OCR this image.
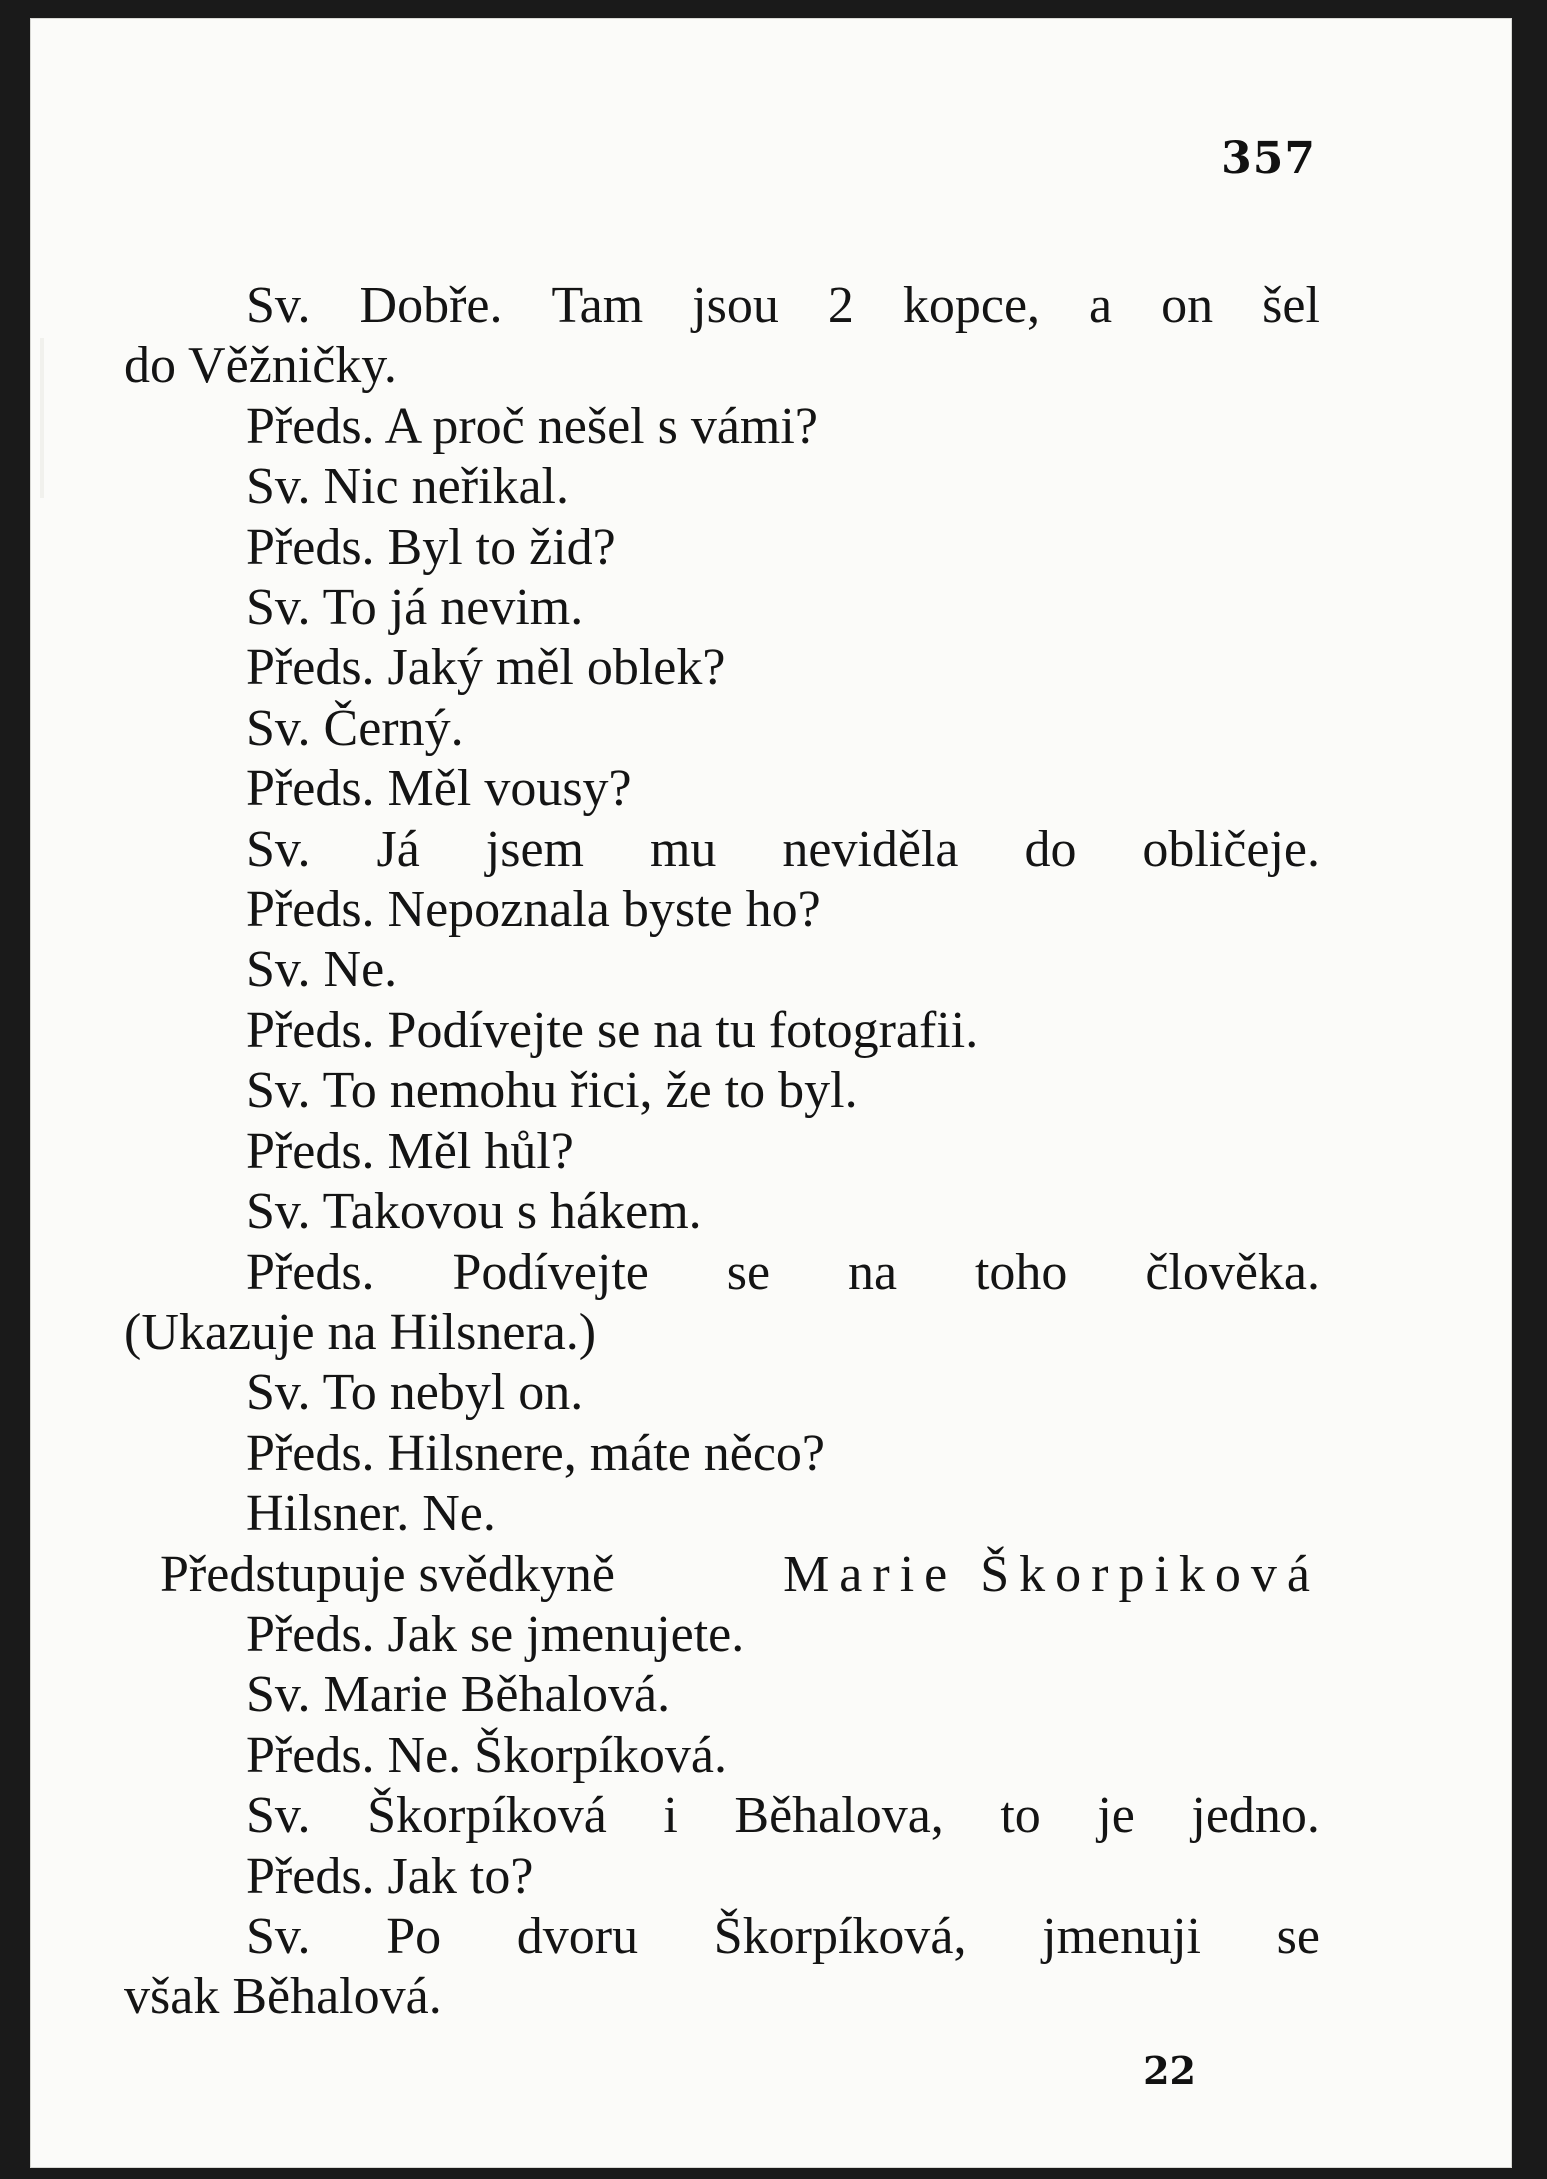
357
Sv. Dobře. Tam jsou 2 kopce, a on šel
do Věžničky.
Předs. A proč nešel s vámi?
Sv. Nic neřikal.
Předs. Byl to žid?
Sv. To já nevim.
Předs. Jaký měl oblek?
Sv. Černý.
Předs. Měl vousy?
Sv. Já jsem mu neviděla do obličeje.
Předs. Nepoznala byste ho?
Sv. Ne.
Předs. Podívejte se na tu fotografii.
Sv. To nemohu řici, že to byl.
Předs. Měl hůl?
Sv. Takovou s hákem.
Předs. Podívejte se na toho člověka.
(Ukazuje na Hilsnera.)
Sv. To nebyl on.
Předs. Hilsnere, máte něco?
Hilsner. Ne.
Předstupuje svědkyně	Marie Škorpiková
Předs. Jak se jmenujete.
Sv. Marie Běhalová.
Předs. Ne. Škorpíková.
Sv. Škorpíková i Běhalova, to je jedno.
Předs. Jak to?
Sv. Po dvoru Škorpíková, jmenuji se
však Běhalová.
22
